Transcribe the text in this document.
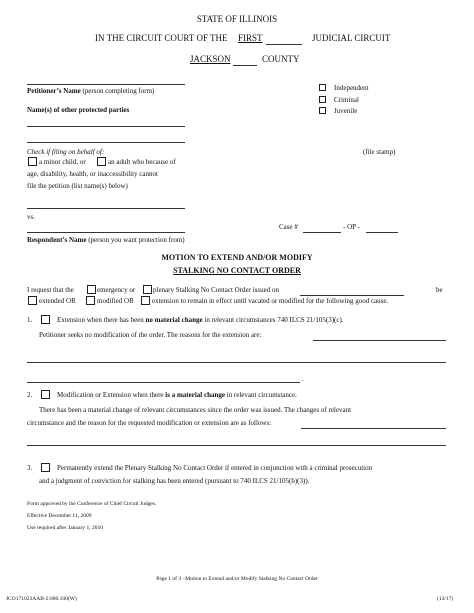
STATE OF ILLINOIS
IN THE CIRCUIT COURT OF THE FIRST	JUDICIAL CIRCUIT
JACKSON	COUNTY
Petitioner’s Name (person completing form)
Name(s) of other protected parties
Check if filing on behalf of:
a minor child, or	an adult who because of
age, disability, health, or inaccessibility cannot
file the petition (list name(s) below)
vs.
Respondent’s Name (person you want protection from)
Independent
Criminal
Juvenile
(file stamp)
Case #	- OP -
MOTION TO EXTEND AND/OR MODIFY
STALKING NO CONTACT ORDER
I request that the	emergency or	plenary Stalking No Contact Order issued on	be
extended OR	modified OR	extension to remain in effect until vacated or modified for the following good cause.
1.	Extension when there has been no material change in relevant circumstances 740 ILCS 21/105(3)(c).
Petitioner seeks no modification of the order. The reasons for the extension are:
.
2.	Modification or Extension when there is a material change in relevant circumstance.
There has been a material change of relevant circumstances since the order was issued. The changes of relevant
circumstance and the reason for the requested modification or extension are as follows:
3.	Permanently extend the Plenary Stalking No Contact Order if entered in conjunction with a criminal prosecution
and a judgment of conviction for stalking has been entered (pursuant to 740 ILCS 21/105(b)(3)).
Form approved by the Conference of Chief Circuit Judges.
Effective December 11, 2009
Use required after January 1, 2010
Page 1 of 3 –Motion to Extend and/or Modify Stalking No Contact Order
JCO171023AAB-2:000.100(W)	(13/17)
